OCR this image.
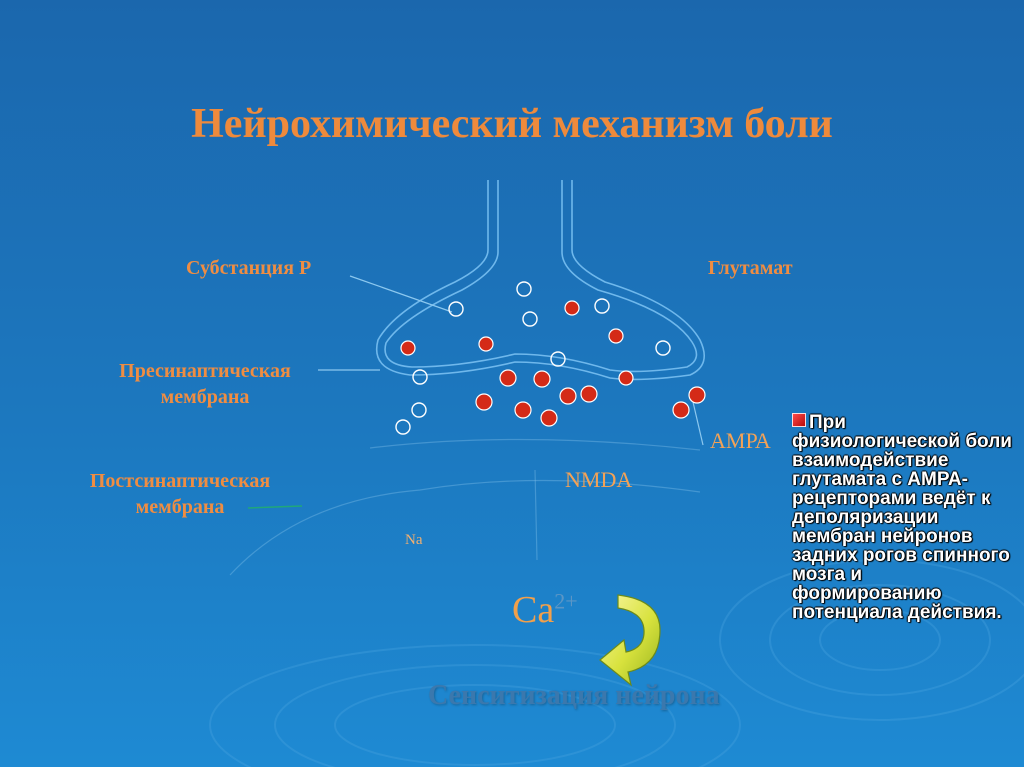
Нейрохимический механизм боли
Субстанция Р	Глутамат
Пресинаптическая
мембрана
Постсинаптическая
мембрана
АМРА
NMDA
Na
$Ca^{2+}$
Сенситизация нейрона
При физиологической боли взаимодействие глутамата с АМРА-рецепторами ведёт к деполяризации мембран нейронов задних рогов спинного мозга и формированию потенциала действия.
